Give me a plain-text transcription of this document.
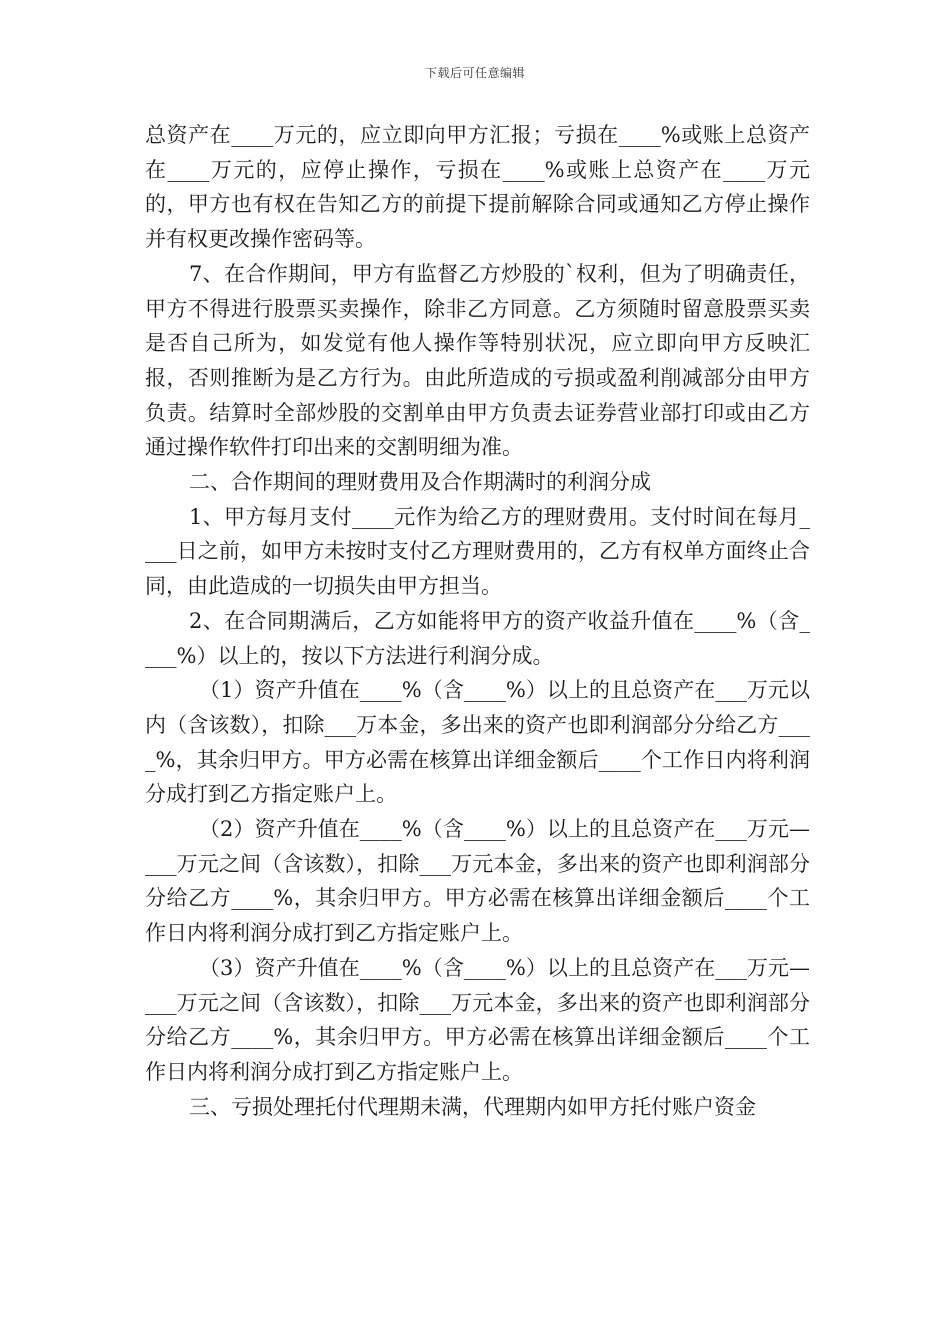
下载后可任意编辑

总资产在____万元的，应立即向甲方汇报；亏损在____%或账上总资产在____万元的，应停止操作，亏损在____%或账上总资产在____万元的，甲方也有权在告知乙方的前提下提前解除合同或通知乙方停止操作并有权更改操作密码等。

7、在合作期间，甲方有监督乙方炒股的`权利，但为了明确责任，甲方不得进行股票买卖操作，除非乙方同意。乙方须随时留意股票买卖是否自己所为，如发觉有他人操作等特别状况，应立即向甲方反映汇报，否则推断为是乙方行为。由此所造成的亏损或盈利削减部分由甲方负责。结算时全部炒股的交割单由甲方负责去证券营业部打印或由乙方通过操作软件打印出来的交割明细为准。

二、合作期间的理财费用及合作期满时的利润分成

1、甲方每月支付____元作为给乙方的理财费用。支付时间在每月____日之前，如甲方未按时支付乙方理财费用的，乙方有权单方面终止合同，由此造成的一切损失由甲方担当。

2、在合同期满后，乙方如能将甲方的资产收益升值在____%（含____%）以上的，按以下方法进行利润分成。

（1）资产升值在____%（含____%）以上的且总资产在___万元以内（含该数），扣除___万本金，多出来的资产也即利润部分分给乙方____%，其余归甲方。甲方必需在核算出详细金额后____个工作日内将利润分成打到乙方指定账户上。

（2）资产升值在____%（含____%）以上的且总资产在___万元—___万元之间（含该数），扣除___万元本金，多出来的资产也即利润部分分给乙方____%，其余归甲方。甲方必需在核算出详细金额后____个工作日内将利润分成打到乙方指定账户上。

（3）资产升值在____%（含____%）以上的且总资产在___万元—___万元之间（含该数），扣除___万元本金，多出来的资产也即利润部分分给乙方____%，其余归甲方。甲方必需在核算出详细金额后____个工作日内将利润分成打到乙方指定账户上。

三、亏损处理托付代理期未满，代理期内如甲方托付账户资金
